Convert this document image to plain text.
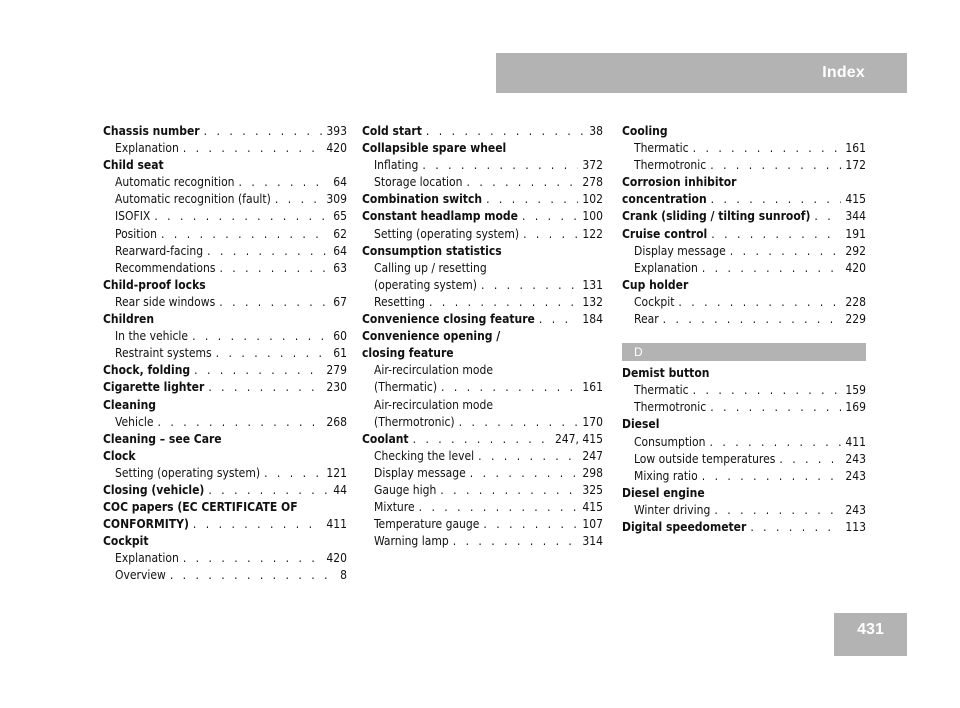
Index
Chassis number . . .	393
Explanation . . .	420
Child seat
Automatic recognition . . .	64
Automatic recognition (fault) . . .	309
ISOFIX . . .	65
Position . . .	62
Rearward-facing . . .	64
Recommendations . . .	63
Child-proof locks
Rear side windows . . .	67
Children
In the vehicle . . .	60
Restraint systems . . .	61
Chock, folding . . .	279
Cigarette lighter . . .	230
Cleaning
Vehicle . . .	268
Cleaning – see Care
Clock
Setting (operating system) . . .	121
Closing (vehicle) . . .	44
COC papers (EC CERTIFICATE OF
CONFORMITY) . . .	411
Cockpit
Explanation . . .	420
Overview . . .	8
Cold start . . .	38
Collapsible spare wheel
Inflating . . .	372
Storage location . . .	278
Combination switch . . .	102
Constant headlamp mode . . .	100
Setting (operating system) . . .	122
Consumption statistics
Calling up / resetting
(operating system) . . .	131
Resetting . . .	132
Convenience closing feature . . .	184
Convenience opening /
closing feature
Air-recirculation mode
(Thermatic) . . .	161
Air-recirculation mode
(Thermotronic) . . .	170
Coolant . . .	247, 415
Checking the level . . .	247
Display message . . .	298
Gauge high . . .	325
Mixture . . .	415
Temperature gauge . . .	107
Warning lamp . . .	314
Cooling
Thermatic . . .	161
Thermotronic . . .	172
Corrosion inhibitor
concentration . . .	415
Crank (sliding / tilting sunroof) . . .	344
Cruise control . . .	191
Display message . . .	292
Explanation . . .	420
Cup holder
Cockpit . . .	228
Rear . . .	229
D
Demist button
Thermatic . . .	159
Thermotronic . . .	169
Diesel
Consumption . . .	411
Low outside temperatures . . .	243
Mixing ratio . . .	243
Diesel engine
Winter driving . . .	243
Digital speedometer . . .	113
431
